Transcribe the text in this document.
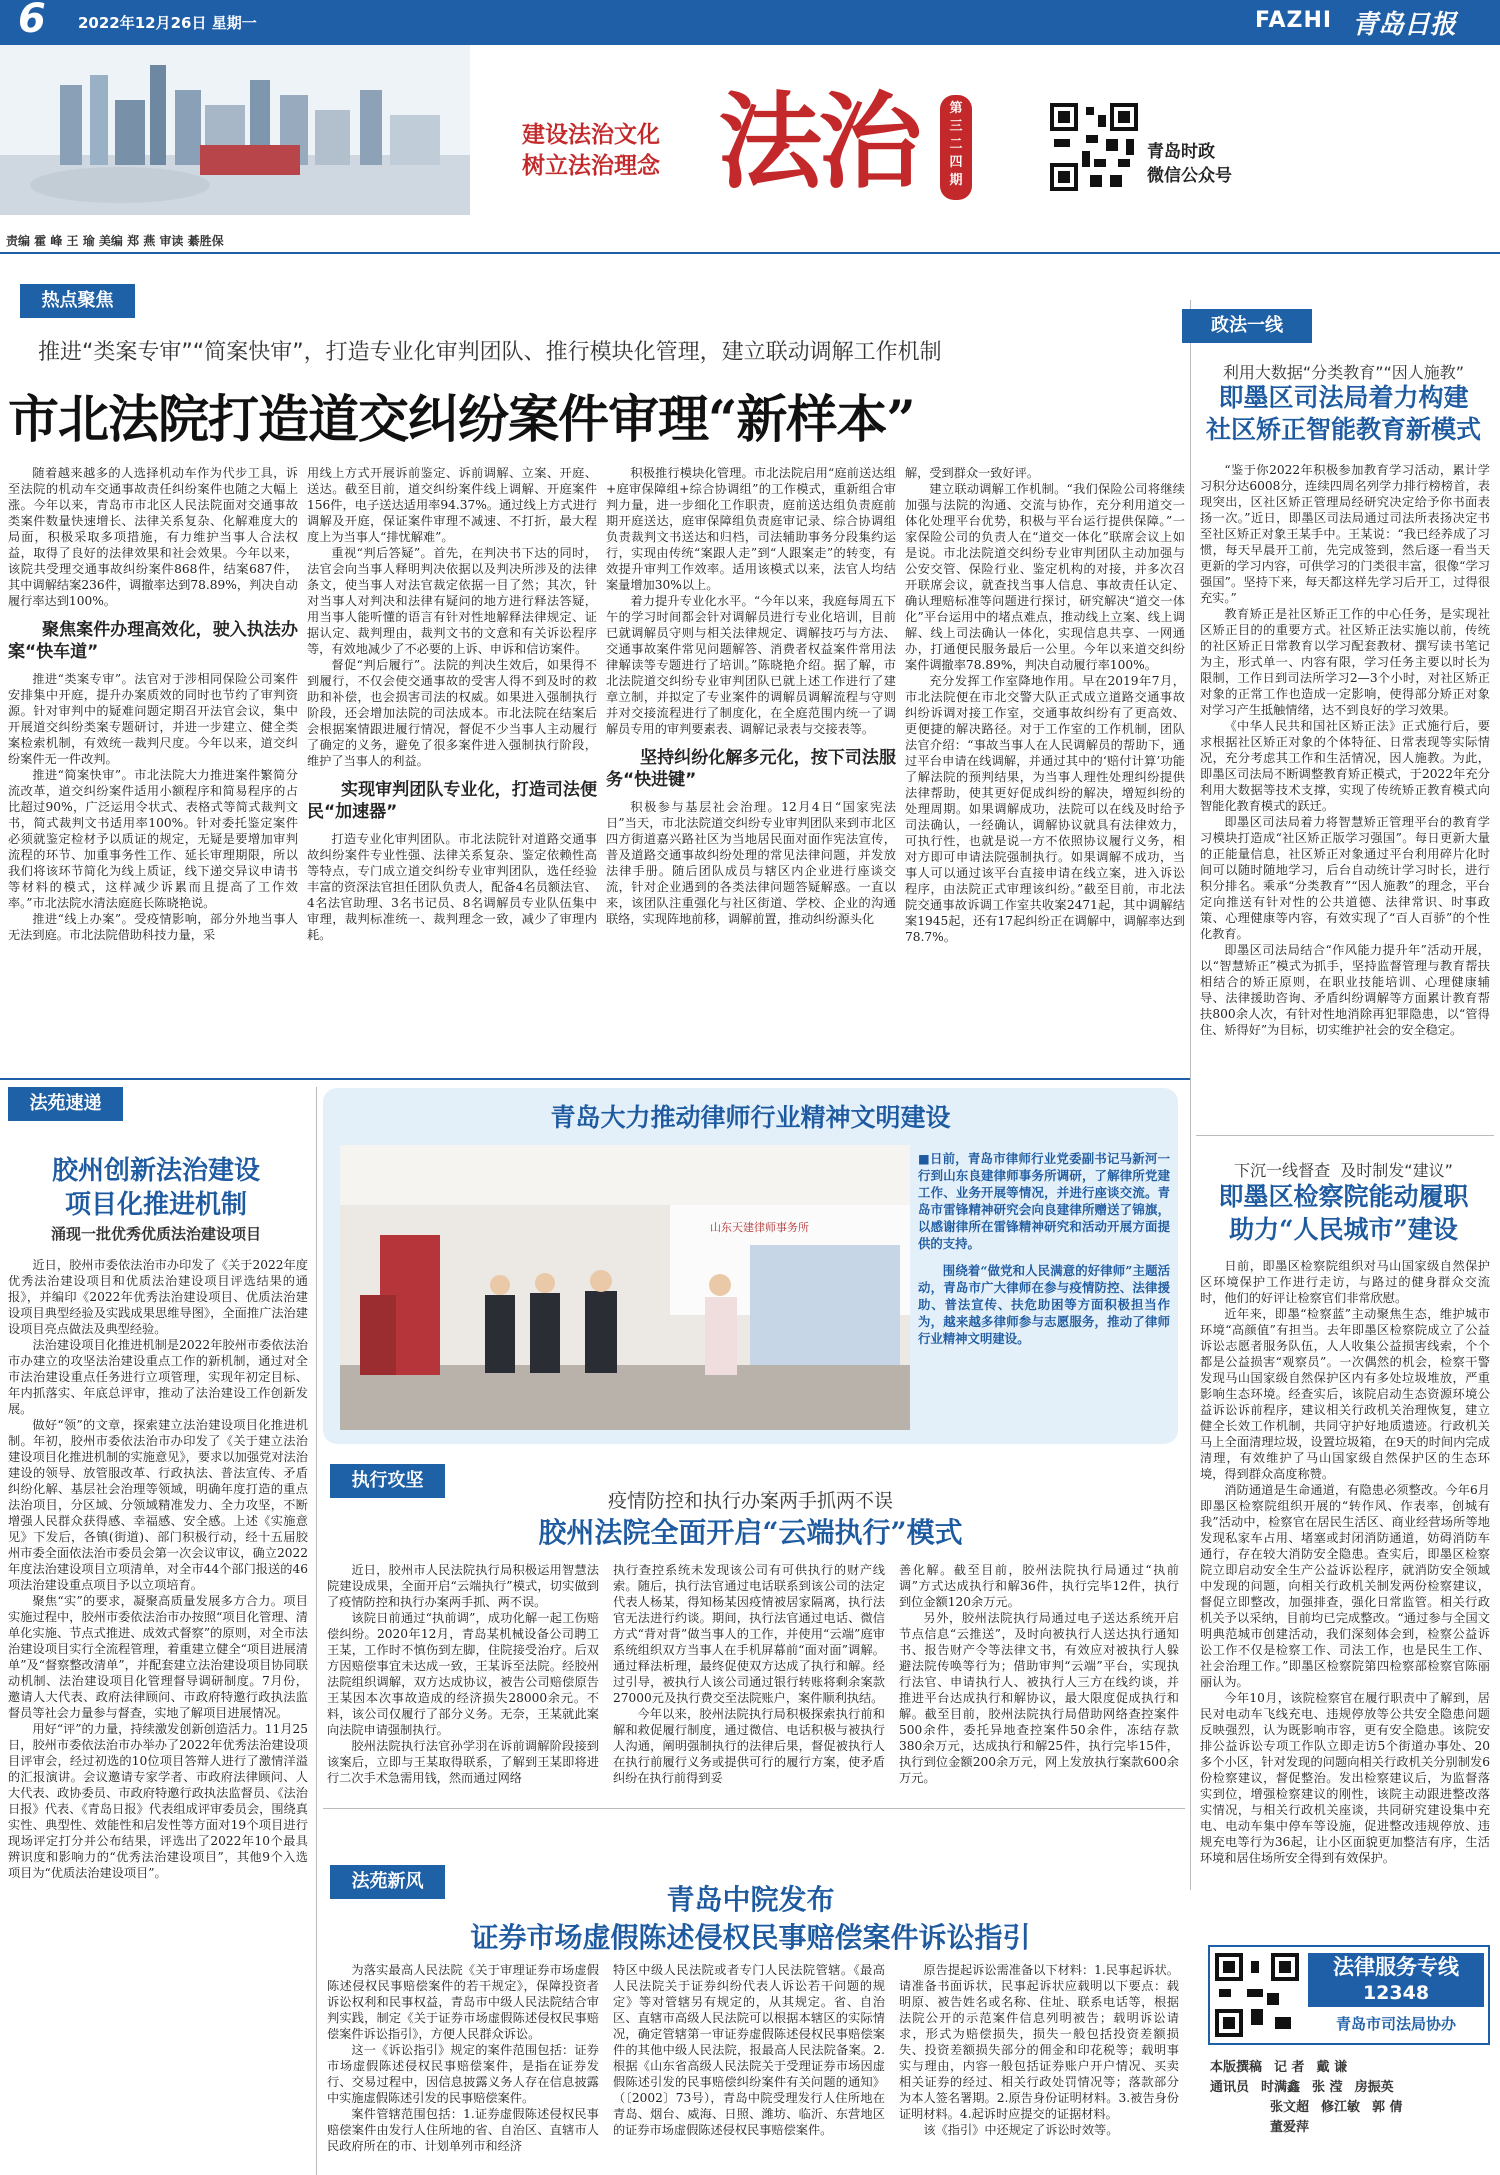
6 2022年12月26日 星期一	FAZHI 青岛日报
建设法治文化
树立法治理念 法治 第三二四期
青岛时政
微信公众号
责编 霍 峰 王 瑜 美编 郑 燕 审读 綦胜保
热点聚焦
推进“类案专审”“简案快审”，打造专业化审判团队、推行模块化管理，建立联动调解工作机制
市北法院打造道交纠纷案件审理“新样本”

随着越来越多的人选择机动车作为代步工具，诉至法院的机动车交通事故责任纠纷案件也随之大幅上涨。今年以来，青岛市市北区人民法院面对交通事故类案件数量快速增长、法律关系复杂、化解难度大的局面，积极采取多项措施，有力维护当事人合法权益，取得了良好的法律效果和社会效果。今年以来，该院共受理交通事故纠纷案件868件，结案687件，其中调解结案236件，调撤率达到78.89%，判决自动履行率达到100%。

聚焦案件办理高效化，驶入执法办案“快车道”

推进“类案专审”。法官对于涉相同保险公司案件安排集中开庭，提升办案质效的同时也节约了审判资源。针对审判中的疑难问题定期召开法官会议，集中开展道交纠纷类案专题研讨，并进一步建立、健全类案检索机制，有效统一裁判尺度。今年以来，道交纠纷案件无一件改判。

推进“简案快审”。市北法院大力推进案件繁简分流改革，道交纠纷案件适用小额程序和简易程序的占比超过90%，广泛运用令状式、表格式等简式裁判文书，简式裁判文书适用率100%。针对委托鉴定案件必须就鉴定检材予以质证的规定，无疑是要增加审判流程的环节、加重事务性工作、延长审理期限，所以我们将该环节简化为线上质证，线下递交异议申请书等材料的模式，这样减少诉累而且提高了工作效率。”市北法院水清法庭庭长陈晓艳说。

推进“线上办案”。受疫情影响，部分外地当事人无法到庭。市北法院借助科技力量，采

用线上方式开展诉前鉴定、诉前调解、立案、开庭、送达。截至目前，道交纠纷案件线上调解、开庭案件156件，电子送达适用率94.37%。通过线上方式进行调解及开庭，保证案件审理不减速、不打折，最大程度上为当事人“排忧解难”。

重视“判后答疑”。首先，在判决书下达的同时，法官会向当事人释明判决依据以及判决所涉及的法律条文，使当事人对法官裁定依据一目了然；其次，针对当事人对判决和法律有疑问的地方进行释法答疑，用当事人能听懂的语言有针对性地解释法律规定、证据认定、裁判理由，裁判文书的文意和有关诉讼程序等，有效地减少了不必要的上诉、申诉和信访案件。

督促“判后履行”。法院的判决生效后，如果得不到履行，不仅会使交通事故的受害人得不到及时的救助和补偿，也会损害司法的权威。如果进入强制执行阶段，还会增加法院的司法成本。市北法院在结案后会根据案情跟进履行情况，督促不少当事人主动履行了确定的义务，避免了很多案件进入强制执行阶段，维护了当事人的利益。

实现审判团队专业化，打造司法便民“加速器”

打造专业化审判团队。市北法院针对道路交通事故纠纷案件专业性强、法律关系复杂、鉴定依赖性高等特点，专门成立道交纠纷专业审判团队，选任经验丰富的资深法官担任团队负责人，配备4名员额法官、4名法官助理、3名书记员、8名调解员专业队伍集中审理，裁判标准统一、裁判理念一致，减少了审理内耗。

积极推行模块化管理。市北法院启用“庭前送达组+庭审保障组+综合协调组”的工作模式，重新组合审判力量，进一步细化工作职责，庭前送达组负责庭前期开庭送达，庭审保障组负责庭审记录、综合协调组负责裁判文书送达和归档，司法辅助事务分段集约运行，实现由传统“案跟人走”到“人跟案走”的转变，有效提升审判工作效率。适用该模式以来，法官人均结案量增加30%以上。

着力提升专业化水平。“今年以来，我庭每周五下午的学习时间都会针对调解员进行专业化培训，目前已就调解员守则与相关法律规定、调解技巧与方法、交通事故案件常见问题解答、消费者权益案件常用法律解读等专题进行了培训。”陈晓艳介绍。据了解，市北法院道交纠纷专业审判团队已就上述工作进行了建章立制，并拟定了专业案件的调解员调解流程与守则并对交接流程进行了制度化，在全庭范围内统一了调解员专用的审判要素表、调解记录表与交接表等。

坚持纠纷化解多元化，按下司法服务“快进键”

积极参与基层社会治理。12月4日“国家宪法日”当天，市北法院道交纠纷专业审判团队来到市北区四方街道嘉兴路社区为当地居民面对面作宪法宣传，普及道路交通事故纠纷处理的常见法律问题，并发放法律手册。随后团队成员与辖区内企业进行座谈交流，针对企业遇到的各类法律问题答疑解惑。一直以来，该团队注重强化与社区街道、学校、企业的沟通联络，实现阵地前移，调解前置，推动纠纷源头化

解，受到群众一致好评。

建立联动调解工作机制。“我们保险公司将继续加强与法院的沟通、交流与协作，充分利用道交一体化处理平台优势，积极与平台运行提供保障。”一家保险公司的负责人在“道交一体化”联席会议上如是说。市北法院道交纠纷专业审判团队主动加强与公安交管、保险行业、鉴定机构的对接，并多次召开联席会议，就查找当事人信息、事故责任认定、确认理赔标准等问题进行探讨，研究解决“道交一体化”平台运用中的堵点难点，推动线上立案、线上调解、线上司法确认一体化，实现信息共享、一网通办，打通便民服务最后一公里。今年以来道交纠纷案件调撤率78.89%，判决自动履行率100%。

充分发挥工作室降地作用。早在2019年7月，市北法院便在市北交警大队正式成立道路交通事故纠纷诉调对接工作室，交通事故纠纷有了更高效、更便捷的解决路径。对于工作室的工作机制，团队法官介绍：“事故当事人在人民调解员的帮助下，通过平台申请在线调解，并通过其中的‘赔付计算’功能了解法院的预判结果，为当事人理性处理纠纷提供法律帮助，使其更好促成纠纷的解决，增短纠纷的处理周期。如果调解成功，法院可以在线及时给予司法确认，一经确认，调解协议就具有法律效力，可执行性，也就是说一方不依照协议履行义务，相对方即可申请法院强制执行。如果调解不成功，当事人可以通过该平台直接申请在线立案，进入诉讼程序，由法院正式审理该纠纷。”截至目前，市北法院交通事故诉调工作室共收案2471起，其中调解结案1945起，还有17起纠纷正在调解中，调解率达到78.7%。

政法一线
利用大数据“分类教育”“因人施教”
即墨区司法局着力构建
社区矫正智能教育新模式

“鉴于你2022年积极参加教育学习活动，累计学习积分达6008分，连续四周名列学力排行榜榜首，表现突出，区社区矫正管理局经研究决定给予你书面表扬一次。”近日，即墨区司法局通过司法所表扬决定书至社区矫正对象王某手中。王某说：“我已经养成了习惯，每天早晨开工前，先完成签到，然后逐一看当天更新的学习内容，可供学习的门类很丰富，很像“学习强国”。坚持下来，每天都这样先学习后开工，过得很充实。”

教育矫正是社区矫正工作的中心任务，是实现社区矫正目的的重要方式。社区矫正法实施以前，传统的社区矫正日常教育以学习配套教材、撰写读书笔记为主，形式单一、内容有限，学习任务主要以时长为限制，工作日到司法所学习2—3个小时，对社区矫正对象的正常工作也造成一定影响，使得部分矫正对象对学习产生抵触情绪，达不到良好的学习效果。

《中华人民共和国社区矫正法》正式施行后，要求根据社区矫正对象的个体特征、日常表现等实际情况，充分考虑其工作和生活情况，因人施教。为此，即墨区司法局不断调整教育矫正模式，于2022年充分利用大数据等技术支撑，实现了传统矫正教育模式向智能化教育模式的跃迁。

即墨区司法局着力将智慧矫正管理平台的教育学习模块打造成“社区矫正版学习强国”。每日更新大量的正能量信息，社区矫正对象通过平台利用碎片化时间可以随时随地学习，后台自动统计学习时长，进行积分排名。乘承“分类教育”“因人施教”的理念，平台定向推送有针对性的公共道德、法律常识、时事政策、心理健康等内容，有效实现了“百人百骄”的个性化教育。

即墨区司法局结合“作风能力提升年”活动开展，以“智慧矫正”模式为抓手，坚持监督管理与教育帮扶相结合的矫正原则，在职业技能培训、心理健康辅导、法律援助咨询、矛盾纠纷调解等方面累计教育帮扶800余人次，有针对性地消除再犯罪隐患，以“管得住、矫得好”为目标，切实维护社会的安全稳定。

下沉一线督查  及时制发“建议”
即墨区检察院能动履职
助力“人民城市”建设

日前，即墨区检察院组织对马山国家级自然保护区环境保护工作进行走访，与路过的健身群众交流时，他们的好评让检察官们非常欣慰。

近年来，即墨“检察蓝”主动聚焦生态，维护城市环境“高颜值”有担当。去年即墨区检察院成立了公益诉讼志愿者服务队伍，人人收集公益损害线索，个个都是公益损害“观察员”。一次偶然的机会，检察干警发现马山国家级自然保护区内有多处垃圾堆放，严重影响生态环境。经查实后，该院启动生态资源环境公益诉讼诉前程序，建议相关行政机关治理恢复，建立健全长效工作机制，共同守护好地质遗迹。行政机关马上全面清理垃圾，设置垃圾箱，在9天的时间内完成清理，有效维护了马山国家级自然保护区的生态环境，得到群众高度称赞。

消防通道是生命通道，有隐患必须整改。今年6月即墨区检察院组织开展的“转作风、作表率，创城有我”活动中，检察官在居民生活区、商业经营场所等地发现私家车占用、堵塞或封闭消防通道，妨碍消防车通行，存在较大消防安全隐患。查实后，即墨区检察院立即启动安全生产公益诉讼程序，就消防安全领域中发现的问题，向相关行政机关制发两份检察建议，督促立即整改，加强排查，强化日常监管。相关行政机关予以采纳，目前均已完成整改。“通过参与全国文明典范城市创建活动，我们深刻体会到，检察公益诉讼工作不仅是检察工作、司法工作，也是民生工作、社会治理工作。”即墨区检察院第四检察部检察官陈丽丽认为。

今年10月，该院检察官在履行职责中了解到，居民对电动车飞线充电、违规停放等公共安全隐患问题反映强烈，认为既影响市容，更有安全隐患。该院安排公益诉讼专项工作队立即走访5个街道办事处、20多个小区，针对发现的问题向相关行政机关分别制发6份检察建议，督促整治。发出检察建议后，为监督落实到位，增强检察建议的刚性，该院主动跟进整改落实情况，与相关行政机关座谈，共同研究建设集中充电、电动车集中停车等设施，促进整改违规停放、违规充电等行为36起，让小区面貌更加整洁有序，生活环境和居住场所安全得到有效保护。

法律服务专线
12348
青岛市司法局协办
本版撰稿 记 者 戴 谦
通讯员 时满鑫 张 滢 房振英
张文超 修江敏 郭 倩
董爱萍
法苑速递
胶州创新法治建设
项目化推进机制
涌现一批优秀优质法治建设项目

近日，胶州市委依法治市办印发了《关于2022年度优秀法治建设项目和优质法治建设项目评选结果的通报》，并编印《2022年优秀法治建设项目、优质法治建设项目典型经验及实践成果思维导图》，全面推广法治建设项目亮点做法及典型经验。

法治建设项目化推进机制是2022年胶州市委依法治市办建立的攻坚法治建设重点工作的新机制，通过对全市法治建设重点任务进行立项管理，实现年初定目标、年内抓落实、年底总评审，推动了法治建设工作创新发展。

做好“领”的文章，探索建立法治建设项目化推进机制。年初，胶州市委依法治市办印发了《关于建立法治建设项目化推进机制的实施意见》，要求以加强党对法治建设的领导、放管服改革、行政执法、普法宣传、矛盾纠纷化解、基层社会治理等领域，明确年度打造的重点法治项目，分区域、分领域精准发力、全力攻坚，不断增强人民群众获得感、幸福感、安全感。上述《实施意见》下发后，各镇(街道)、部门积极行动，经十五届胶州市委全面依法治市委员会第一次会议审议，确立2022年度法治建设项目立项清单，对全市44个部门报送的46项法治建设重点项目予以立项培育。

聚焦“实”的要求，凝聚高质量发展多方合力。项目实施过程中，胶州市委依法治市办按照“项目化管理、清单化实施、节点式推进、成效式督察”的原则，对全市法治建设项目实行全流程管理，着重建立健全“项目进展清单”及“督察整改清单”，并配套建立法治建设项目协同联动机制、法治建设项目化管理督导调研制度。7月份，邀请人大代表、政府法律顾问、市政府特邀行政执法监督员等社会力量参与督查，实地了解项目进展情况。

用好“评”的力量，持续激发创新创造活力。11月25日，胶州市委依法治市办举办了2022年优秀法治建设项目评审会，经过初选的10位项目答辩人进行了激情洋溢的汇报演讲。会议邀请专家学者、市政府法律顾问、人大代表、政协委员、市政府特邀行政执法监督员、《法治日报》代表、《青岛日报》代表组成评审委员会，围绕真实性、典型性、效能性和启发性等方面对19个项目进行现场评定打分并公布结果，评选出了2022年10个最具辨识度和影响力的“优秀法治建设项目”，其他9个入选项目为“优质法治建设项目”。

青岛大力推动律师行业精神文明建设
山东天建律师事务所

■日前，青岛市律师行业党委副书记马新河一行到山东良建律师事务所调研，了解律所党建工作、业务开展等情况，并进行座谈交流。青岛市雷锋精神研究会向良建律所赠送了锦旗，以感谢律所在雷锋精神研究和活动开展方面提供的支持。

围绕着“做党和人民满意的好律师”主题活动，青岛市广大律师在参与疫情防控、法律援助、普法宣传、扶危助困等方面积极担当作为，越来越多律师参与志愿服务，推动了律师行业精神文明建设。

执行攻坚
疫情防控和执行办案两手抓两不误
胶州法院全面开启“云端执行”模式

近日，胶州市人民法院执行局积极运用智慧法院建设成果，全面开启“云端执行”模式，切实做到了疫情防控和执行办案两手抓、两不误。

该院日前通过“执前调”，成功化解一起工伤赔偿纠纷。2020年12月，青岛某机械设备公司聘工王某，工作时不慎伤到左脚，住院接受治疗。后双方因赔偿事宜未达成一致，王某诉至法院。经胶州法院组织调解，双方达成协议，被告公司赔偿原告王某因本次事故造成的经济损失28000余元。不料，该公司仅履行了部分义务。无奈，王某就此案向法院申请强制执行。

胶州法院执行法官孙学羽在诉前调解阶段接到该案后，立即与王某取得联系，了解到王某即将进行二次手术急需用钱，然而通过网络

执行查控系统未发现该公司有可供执行的财产线索。随后，执行法官通过电话联系到该公司的法定代表人杨某，得知杨某因疫情被居家隔离，执行法官无法进行约谈。期间，执行法官通过电话、微信方式“背对背”做当事人的工作，并使用“云端”庭审系统组织双方当事人在手机屏幕前“面对面”调解。通过释法析理，最终促使双方达成了执行和解。经过引导，被执行人该公司通过银行转账将剩余案款27000元及执行费交至法院账户，案件顺利执结。

今年以来，胶州法院执行局积极探索执行前和解和救促履行制度，通过微信、电话积极与被执行人沟通，阐明强制执行的法律后果，督促被执行人在执行前履行义务或提供可行的履行方案，使矛盾纠纷在执行前得到妥

善化解。截至目前，胶州法院执行局通过“执前调”方式达成执行和解36件，执行完毕12件，执行到位金额120余万元。

另外，胶州法院执行局通过电子送达系统开启节点信息“云推送”，及时向被执行人送达执行通知书、报告财产令等法律文书，有效应对被执行人躲避法院传唤等行为；借助审判“云端”平台，实现执行法官、申请执行人、被执行人三方在线约谈，并推进平台达成执行和解协议，最大限度促成执行和解。截至目前，胶州法院执行局借助网络查控案件500余件，委托异地查控案件50余件，冻结存款380余万元，达成执行和解25件，执行完毕15件，执行到位金额200余万元，网上发放执行案款600余万元。

法苑新风
青岛中院发布
证券市场虚假陈述侵权民事赔偿案件诉讼指引

为落实最高人民法院《关于审理证券市场虚假陈述侵权民事赔偿案件的若干规定》，保障投资者诉讼权利和民事权益，青岛市中级人民法院结合审判实践，制定《关于证券市场虚假陈述侵权民事赔偿案件诉讼指引》，方便人民群众诉讼。

这一《诉讼指引》规定的案件范围包括：证券市场虚假陈述侵权民事赔偿案件，是指在证券发行、交易过程中，因信息披露义务人存在信息披露中实施虚假陈述引发的民事赔偿案件。

案件管辖范围包括：1.证券虚假陈述侵权民事赔偿案件由发行人住所地的省、自治区、直辖市人民政府所在的市、计划单列市和经济

特区中级人民法院或者专门人民法院管辖。《最高人民法院关于证券纠纷代表人诉讼若干问题的规定》等对管辖另有规定的，从其规定。省、自治区、直辖市高级人民法院可以根据本辖区的实际情况，确定管辖第一审证券虚假陈述侵权民事赔偿案件的其他中级人民法院，报最高人民法院备案。2.根据《山东省高级人民法院关于受理证券市场因虚假陈述引发的民事赔偿纠纷案件有关问题的通知》（〔2002〕73号），青岛中院受理发行人住所地在青岛、烟台、威海、日照、潍坊、临沂、东营地区的证券市场虚假陈述侵权民事赔偿案件。

原告提起诉讼需准备以下材料：1.民事起诉状。请准备书面诉状，民事起诉状应载明以下要点：载明原、被告姓名或名称、住址、联系电话等，根据法院公开的示范案件信息列明被告；载明诉讼请求，形式为赔偿损失，损失一般包括投资差额损失、投资差额损失部分的佣金和印花税等；载明事实与理由，内容一般包括证券账户开户情况、买卖相关证券的经过、相关行政处罚情况等；落款部分为本人签名署期。2.原告身份证明材料。3.被告身份证明材料。4.起诉时应提交的证据材料。

该《指引》中还规定了诉讼时效等。
